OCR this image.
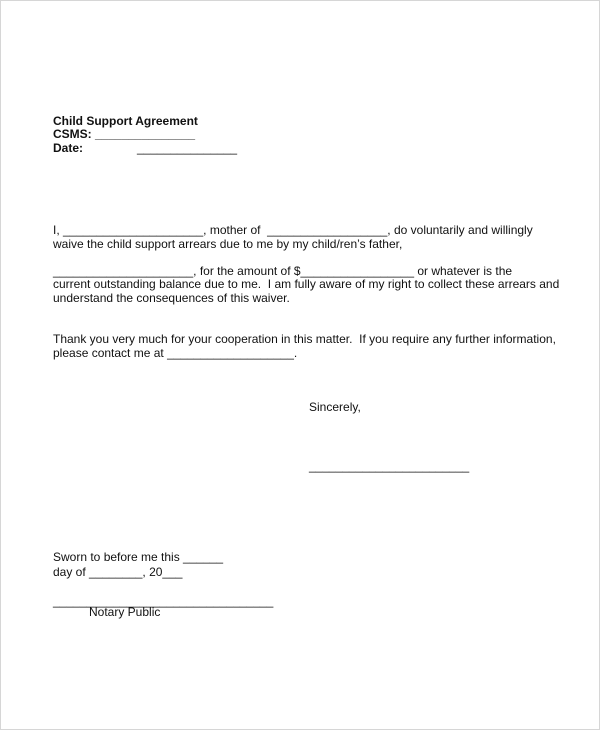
Child Support Agreement
CSMS: _______________
Date:	_______________
I, _____________________, mother of  __________________, do voluntarily and willingly
waive the child support arrears due to me by my child/ren’s father,
_____________________, for the amount of $_________________ or whatever is the
current outstanding balance due to me.  I am fully aware of my right to collect these arrears and
understand the consequences of this waiver.
Thank you very much for your cooperation in this matter.  If you require any further information,
please contact me at ___________________.
Sincerely,
________________________
Sworn to before me this ______
day of ________, 20___
_________________________________
Notary Public
